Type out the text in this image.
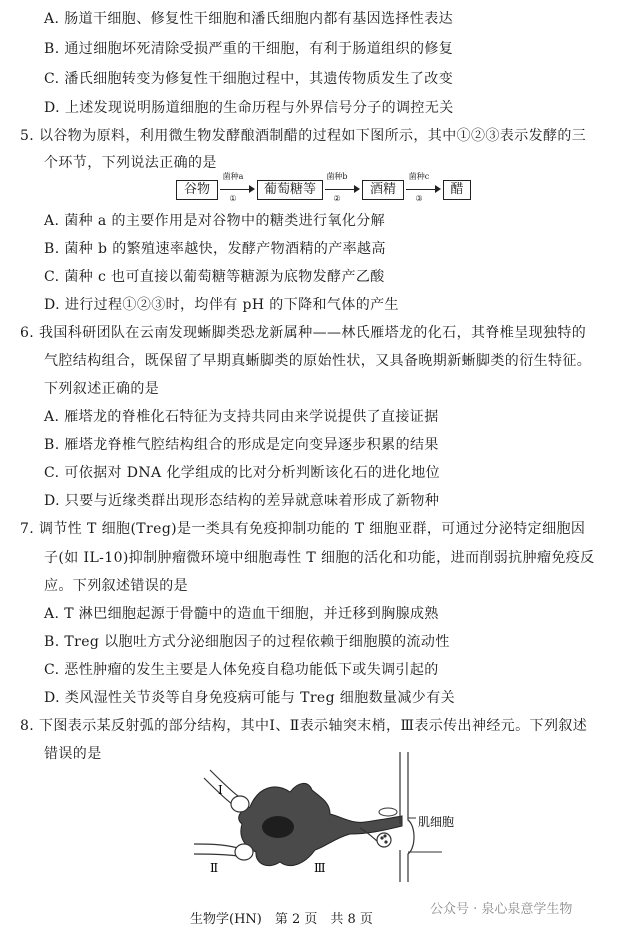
A. 肠道干细胞、修复性干细胞和潘氏细胞内都有基因选择性表达
B. 通过细胞坏死清除受损严重的干细胞，有利于肠道组织的修复
C. 潘氏细胞转变为修复性干细胞过程中，其遗传物质发生了改变
D. 上述发现说明肠道细胞的生命历程与外界信号分子的调控无关
5. 以谷物为原料，利用微生物发酵酿酒制醋的过程如下图所示，其中①②③表示发酵的三
个环节，下列说法正确的是
谷物
菌种a
①
葡萄糖等
菌种b
②
酒精
菌种c
③
醋
A. 菌种 a 的主要作用是对谷物中的糖类进行氧化分解
B. 菌种 b 的繁殖速率越快，发酵产物酒精的产率越高
C. 菌种 c 也可直接以葡萄糖等糖源为底物发酵产乙酸
D. 进行过程①②③时，均伴有 pH 的下降和气体的产生
6. 我国科研团队在云南发现蜥脚类恐龙新属种——林氏雁塔龙的化石，其脊椎呈现独特的
气腔结构组合，既保留了早期真蜥脚类的原始性状，又具备晚期新蜥脚类的衍生特征。
下列叙述正确的是
A. 雁塔龙的脊椎化石特征为支持共同由来学说提供了直接证据
B. 雁塔龙脊椎气腔结构组合的形成是定向变异逐步积累的结果
C. 可依据对 DNA 化学组成的比对分析判断该化石的进化地位
D. 只要与近缘类群出现形态结构的差异就意味着形成了新物种
7. 调节性 T 细胞(Treg)是一类具有免疫抑制功能的 T 细胞亚群，可通过分泌特定细胞因
子(如 IL-10)抑制肿瘤微环境中细胞毒性 T 细胞的活化和功能，进而削弱抗肿瘤免疫反
应。下列叙述错误的是
A. T 淋巴细胞起源于骨髓中的造血干细胞，并迁移到胸腺成熟
B. Treg 以胞吐方式分泌细胞因子的过程依赖于细胞膜的流动性
C. 恶性肿瘤的发生主要是人体免疫自稳功能低下或失调引起的
D. 类风湿性关节炎等自身免疫病可能与 Treg 细胞数量减少有关
8. 下图表示某反射弧的部分结构，其中Ⅰ、Ⅱ表示轴突末梢，Ⅲ表示传出神经元。下列叙述
错误的是
Ⅰ
Ⅱ	Ⅲ
肌细胞
生物学(HN)　第 2 页　共 8 页
公众号 · 泉心泉意学生物
